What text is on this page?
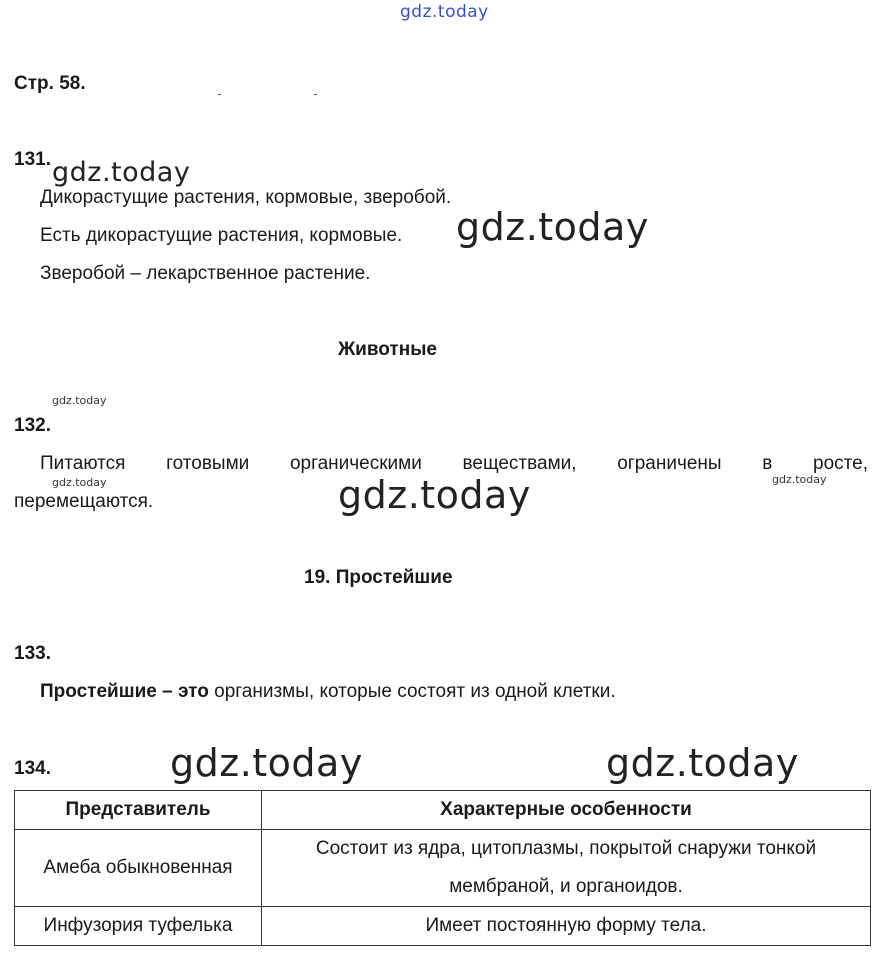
gdz.today
gdz.today
gdz.today
gdz.today
gdz.today
gdz.today	gdz.today
gdz.today	gdz.today
Стр. 58.
131.
Дикорастущие растения, кормовые, зверобой.
Есть дикорастущие растения, кормовые.
Зверобой – лекарственное растение.
Животные
132.
Питаются готовыми органическими веществами, ограничены в росте,
перемещаются.
19. Простейшие
133.
Простейшие – это организмы, которые состоят из одной клетки.
134.
Представитель	Характерные особенности
Амеба обыкновенная	Состоит из ядра, цитоплазмы, покрытой снаружи тонкой
мембраной, и органоидов.

Инфузория туфелька	Имеет постоянную форму тела.
